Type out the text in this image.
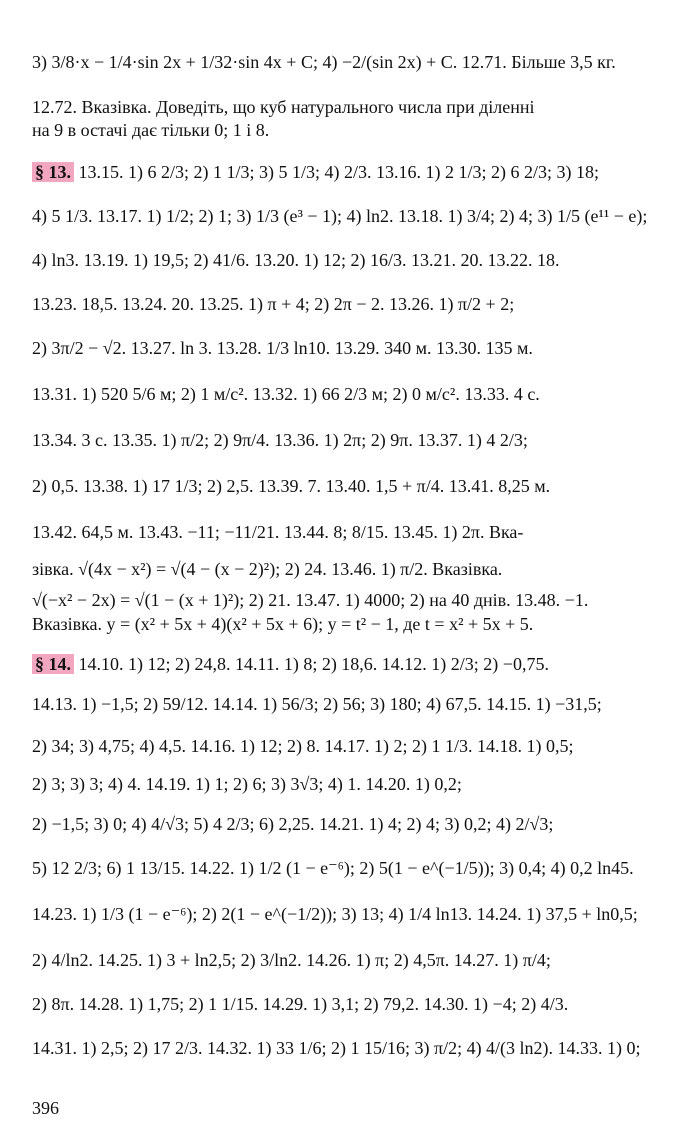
3) 3/8·x − 1/4·sin 2x + 1/32·sin 4x + C; 4) −2/(sin 2x) + C. 12.71. Більше 3,5 кг.
12.72. Вказівка. Доведіть, що куб натурального числа при діленні
на 9 в остачі дає тільки 0; 1 і 8.
§ 13. 13.15. 1) 6 2/3; 2) 1 1/3; 3) 5 1/3; 4) 2/3. 13.16. 1) 2 1/3; 2) 6 2/3; 3) 18;
4) 5 1/3. 13.17. 1) 1/2; 2) 1; 3) 1/3 (e³ − 1); 4) ln2. 13.18. 1) 3/4; 2) 4; 3) 1/5 (e¹¹ − e);
4) ln3. 13.19. 1) 19,5; 2) 41/6. 13.20. 1) 12; 2) 16/3. 13.21. 20. 13.22. 18.
13.23. 18,5. 13.24. 20. 13.25. 1) π + 4; 2) 2π − 2. 13.26. 1) π/2 + 2;
2) 3π/2 − √2. 13.27. ln 3. 13.28. 1/3 ln10. 13.29. 340 м. 13.30. 135 м.
13.31. 1) 520 5/6 м; 2) 1 м/с². 13.32. 1) 66 2/3 м; 2) 0 м/с². 13.33. 4 с.
13.34. 3 с. 13.35. 1) π/2; 2) 9π/4. 13.36. 1) 2π; 2) 9π. 13.37. 1) 4 2/3;
2) 0,5. 13.38. 1) 17 1/3; 2) 2,5. 13.39. 7. 13.40. 1,5 + π/4. 13.41. 8,25 м.
13.42. 64,5 м. 13.43. −11; −11/21. 13.44. 8; 8/15. 13.45. 1) 2π. Вка-
зівка. √(4x − x²) = √(4 − (x − 2)²); 2) 24. 13.46. 1) π/2. Вказівка.
√(−x² − 2x) = √(1 − (x + 1)²); 2) 21. 13.47. 1) 4000; 2) на 40 днів. 13.48. −1.
Вказівка. y = (x² + 5x + 4)(x² + 5x + 6); y = t² − 1, де t = x² + 5x + 5.
§ 14. 14.10. 1) 12; 2) 24,8. 14.11. 1) 8; 2) 18,6. 14.12. 1) 2/3; 2) −0,75.
14.13. 1) −1,5; 2) 59/12. 14.14. 1) 56/3; 2) 56; 3) 180; 4) 67,5. 14.15. 1) −31,5;
2) 34; 3) 4,75; 4) 4,5. 14.16. 1) 12; 2) 8. 14.17. 1) 2; 2) 1 1/3. 14.18. 1) 0,5;
2) 3; 3) 3; 4) 4. 14.19. 1) 1; 2) 6; 3) 3√3; 4) 1. 14.20. 1) 0,2;
2) −1,5; 3) 0; 4) 4/√3; 5) 4 2/3; 6) 2,25. 14.21. 1) 4; 2) 4; 3) 0,2; 4) 2/√3;
5) 12 2/3; 6) 1 13/15. 14.22. 1) 1/2 (1 − e⁻⁶); 2) 5(1 − e^(−1/5)); 3) 0,4; 4) 0,2 ln45.
14.23. 1) 1/3 (1 − e⁻⁶); 2) 2(1 − e^(−1/2)); 3) 13; 4) 1/4 ln13. 14.24. 1) 37,5 + ln0,5;
2) 4/ln2. 14.25. 1) 3 + ln2,5; 2) 3/ln2. 14.26. 1) π; 2) 4,5π. 14.27. 1) π/4;
2) 8π. 14.28. 1) 1,75; 2) 1 1/15. 14.29. 1) 3,1; 2) 79,2. 14.30. 1) −4; 2) 4/3.
14.31. 1) 2,5; 2) 17 2/3. 14.32. 1) 33 1/6; 2) 1 15/16; 3) π/2; 4) 4/(3 ln2). 14.33. 1) 0;
396
